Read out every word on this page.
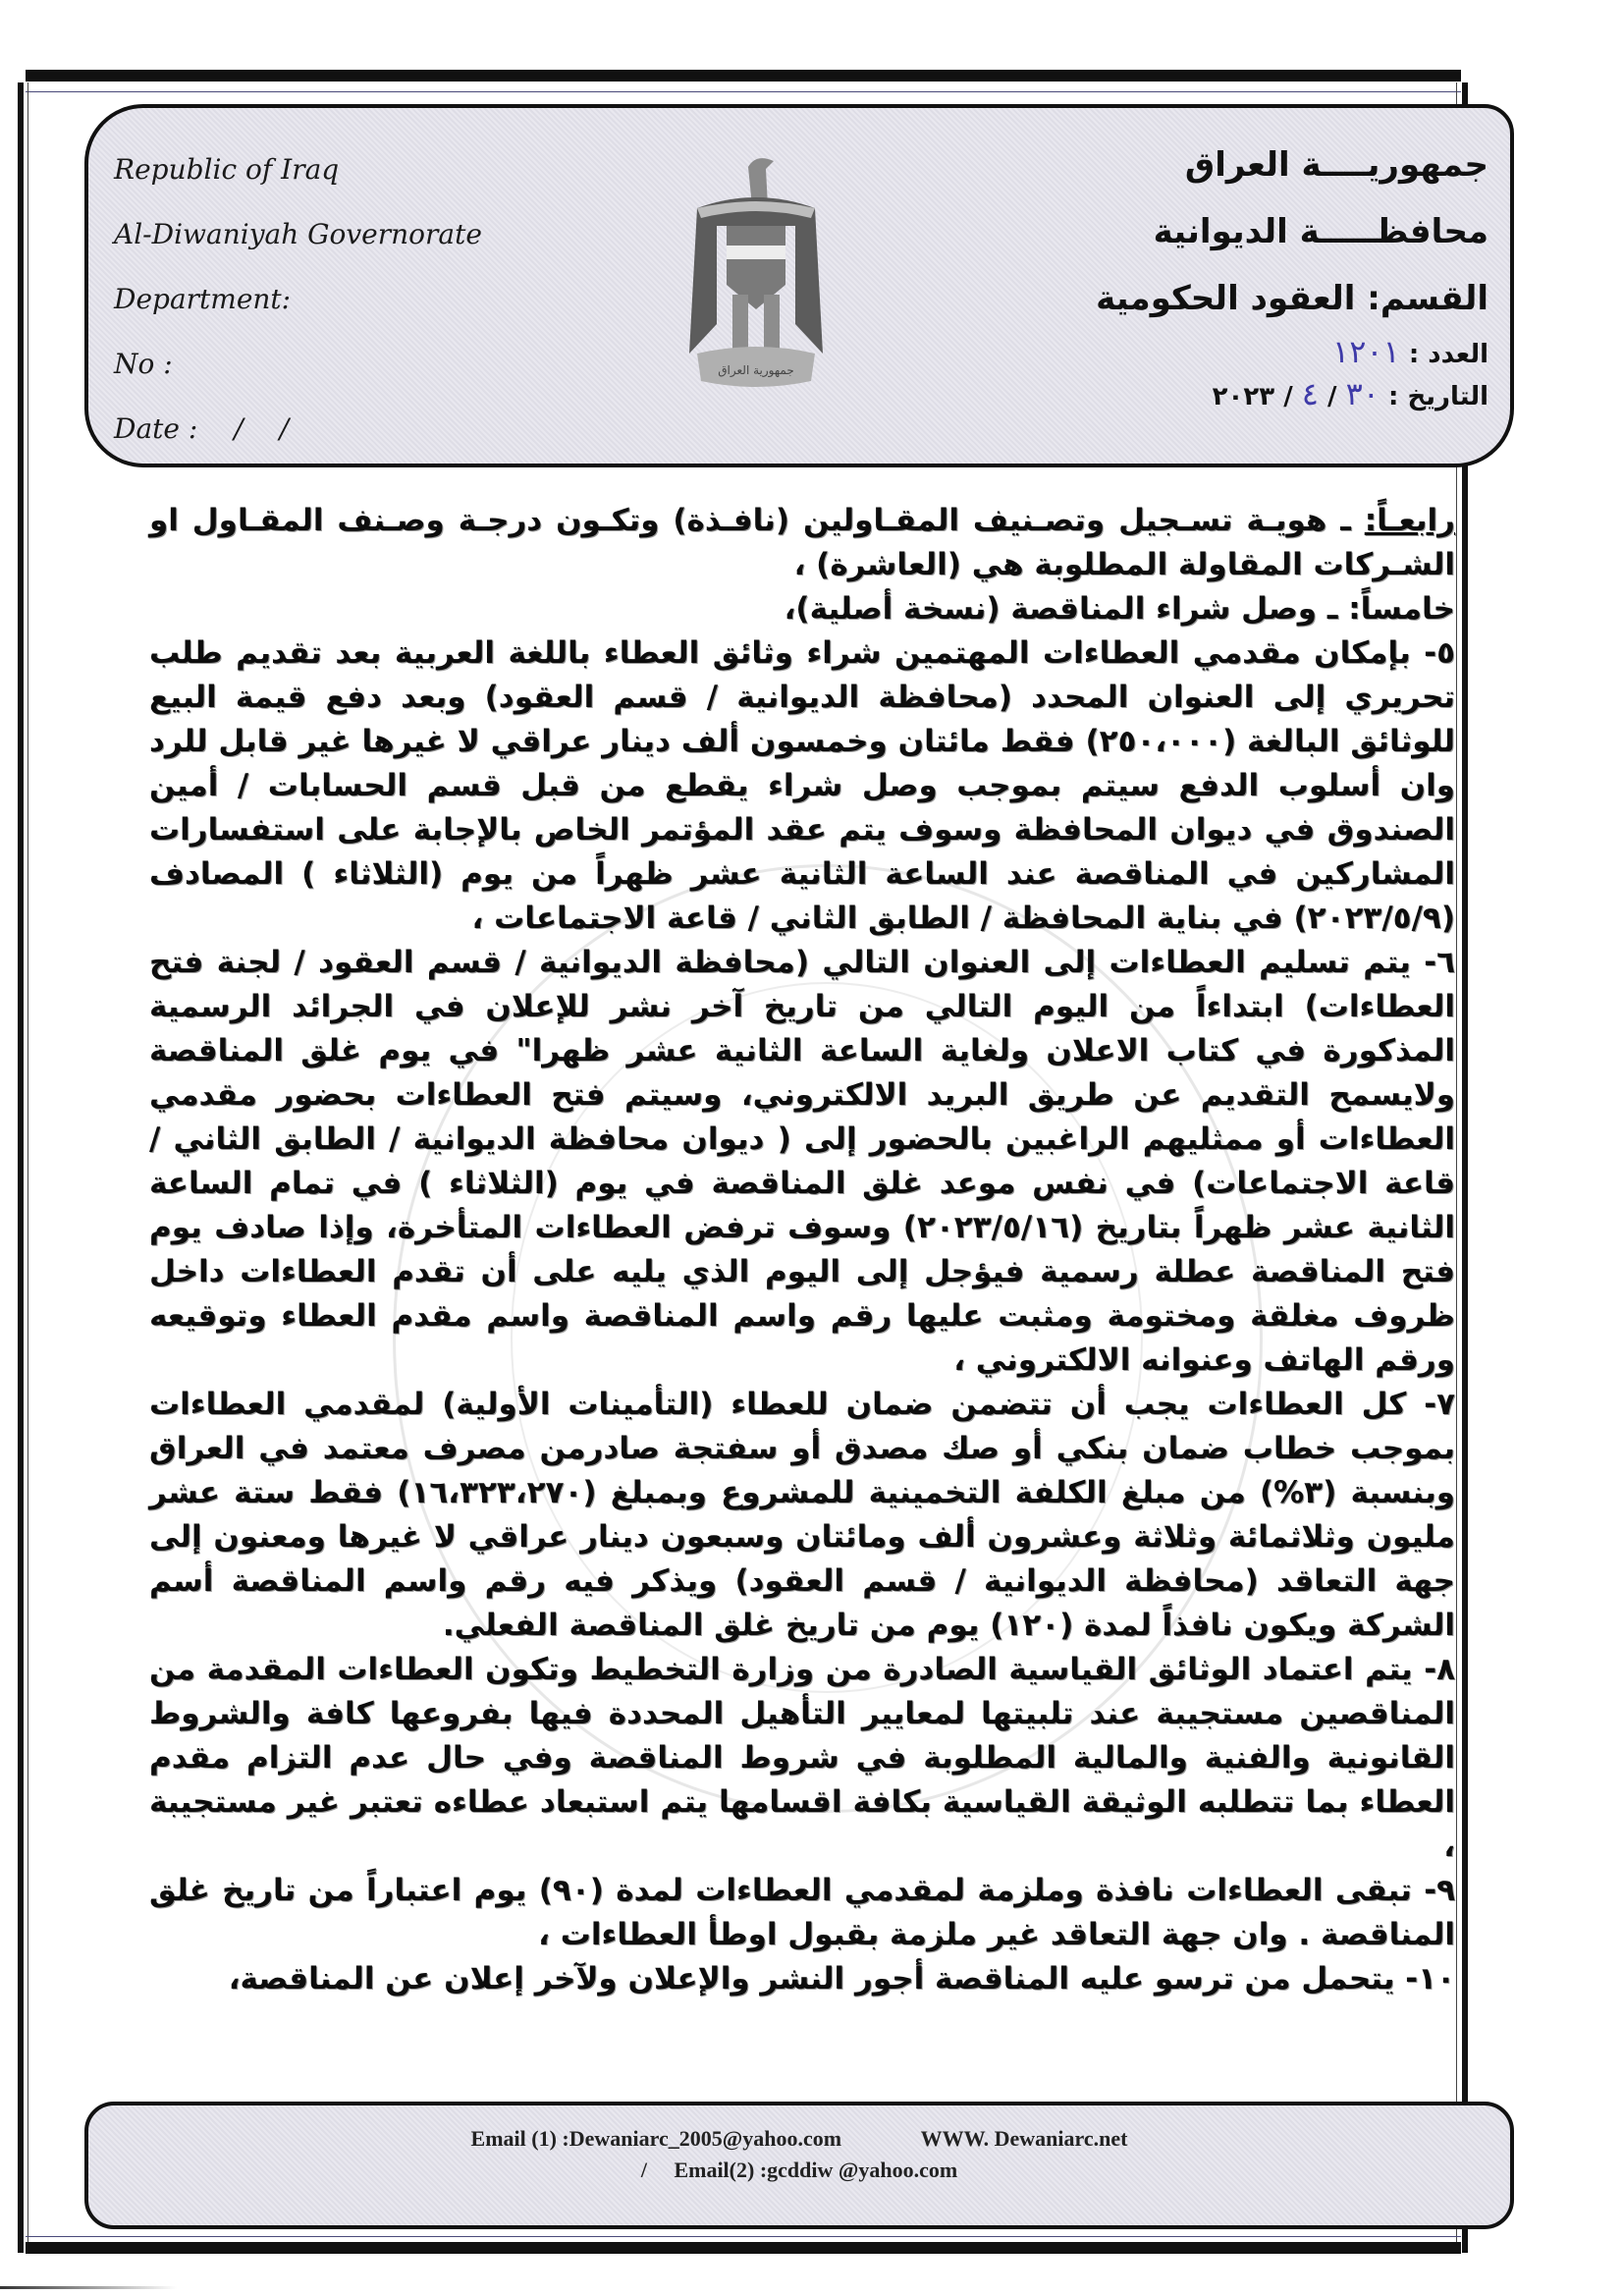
Republic of Iraq
Al-Diwaniyah Governorate
Department:
No :
Date : / /
جمهورية العراق
جمهوريــــة العراق
محافظـــــة الديوانية
القسم: العقود الحكومية
العدد : ١٢٠١
التاريخ : ٣٠ / ٤ / ٢٠٢٣

رابعـاً: ـ هويـة تسـجيل وتصـنيف المقـاولين (نافـذة) وتكـون درجـة وصـنف المقـاول او الشـركات المقاولة المطلوبة هي (العاشرة) ،

خامساً: ـ وصل شراء المناقصة (نسخة أصلية)،

٥- بإمكان مقدمي العطاءات المهتمين شراء وثائق العطاء باللغة العربية بعد تقديم طلب تحريري إلى العنوان المحدد (محافظة الديوانية / قسم العقود) وبعد دفع قيمة البيع للوثائق البالغة (٢٥٠،٠٠٠) فقط مائتان وخمسون ألف دينار عراقي لا غيرها غير قابل للرد وان أسلوب الدفع سيتم بموجب وصل شراء يقطع من قبل قسم الحسابات / أمين الصندوق في ديوان المحافظة وسوف يتم عقد المؤتمر الخاص بالإجابة على استفسارات المشاركين في المناقصة عند الساعة الثانية عشر ظهراً من يوم (الثلاثاء ) المصادف (٢٠٢٣/٥/٩) في بناية المحافظة / الطابق الثاني / قاعة الاجتماعات ،

٦- يتم تسليم العطاءات إلى العنوان التالي (محافظة الديوانية / قسم العقود / لجنة فتح العطاءات) ابتداءاً من اليوم التالي من تاريخ آخر نشر للإعلان في الجرائد الرسمية المذكورة في كتاب الاعلان ولغاية الساعة الثانية عشر ظهرا" في يوم غلق المناقصة ولايسمح التقديم عن طريق البريد الالكتروني، وسيتم فتح العطاءات بحضور مقدمي العطاءات أو ممثليهم الراغبين بالحضور إلى ( ديوان محافظة الديوانية / الطابق الثاني / قاعة الاجتماعات) في نفس موعد غلق المناقصة في يوم (الثلاثاء ) في تمام الساعة الثانية عشر ظهراً بتاريخ (٢٠٢٣/٥/١٦) وسوف ترفض العطاءات المتأخرة، وإذا صادف يوم فتح المناقصة عطلة رسمية فيؤجل إلى اليوم الذي يليه على أن تقدم العطاءات داخل ظروف مغلقة ومختومة ومثبت عليها رقم واسم المناقصة واسم مقدم العطاء وتوقيعه ورقم الهاتف وعنوانه الالكتروني ،

٧- كل العطاءات يجب أن تتضمن ضمان للعطاء (التأمينات الأولية) لمقدمي العطاءات بموجب خطاب ضمان بنكي أو صك مصدق أو سفتجة صادرمن مصرف معتمد في العراق وبنسبة (٣%) من مبلغ الكلفة التخمينية للمشروع وبمبلغ (١٦،٣٢٣،٢٧٠) فقط ستة عشر مليون وثلاثمائة وثلاثة وعشرون ألف ومائتان وسبعون دينار عراقي لا غيرها ومعنون إلى جهة التعاقد (محافظة الديوانية / قسم العقود) ويذكر فيه رقم واسم المناقصة أسم الشركة ويكون نافذاً لمدة (١٢٠) يوم من تاريخ غلق المناقصة الفعلي.

٨- يتم اعتماد الوثائق القياسية الصادرة من وزارة التخطيط وتكون العطاءات المقدمة من المناقصين مستجيبة عند تلبيتها لمعايير التأهيل المحددة فيها بفروعها كافة والشروط القانونية والفنية والمالية المطلوبة في شروط المناقصة وفي حال عدم التزام مقدم العطاء بما تتطلبه الوثيقة القياسية بكافة اقسامها يتم استبعاد عطاءه تعتبر غير مستجيبة ،

٩- تبقى العطاءات نافذة وملزمة لمقدمي العطاءات لمدة (٩٠) يوم اعتباراً من تاريخ غلق المناقصة . وان جهة التعاقد غير ملزمة بقبول اوطأ العطاءات ،

١٠- يتحمل من ترسو عليه المناقصة أجور النشر والإعلان ولآخر إعلان عن المناقصة،

Email (1) :Dewaniarc_2005@yahoo.com	WWW. Dewaniarc.net
/ Email(2) :gcddiw @yahoo.com
